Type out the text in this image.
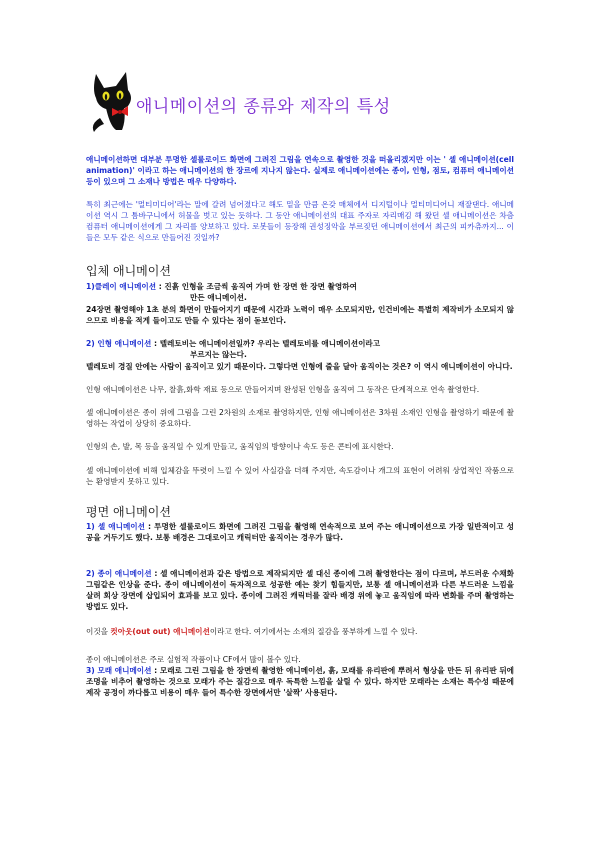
애니메이션의 종류와 제작의 특성

애니메이션하면 대부분 투명한 셀룰로이드 화면에 그려진 그림을 연속으로 촬영한 것을 떠올리겠지만 이는 ' 셀 애니메이션(cell animation)' 이라고 하는 애니메이션의 한 장르에 지나지 않는다. 실제로 애니메이션에는 종이, 인형, 점토, 컴퓨터 애니메이션 등이 있으며 그 소재나 방법은 매우 다양하다.

특히 최근에는 '멀티미디어'라는 말에 갈려 넘어졌다고 해도 밑을 만큼 온갖 매체에서 디지털이나 멀티미디어니 재잘댄다. 애니메이션 역시 그 틈바구니에서 허물을 벗고 있는 듯하다. 그 동안 애니메이션의 대표 주자로 자리매김 해 왔던 셀 애니메이션은 차츰 컴퓨터 애니메이션에게 그 자리를 양보하고 있다. 로봇들이 등장해 권성징악을 부르짖던 애니메이션에서 최근의 피카츄까지... 이들은 모두 같은 식으로 만들어진 것일까?

입체 애니메이션
1)클레이 애니메이션 : 진흙 인형을 조금씩 움직여 가며 한 장면 한 장면 촬영하여
만든 애니메이션.

24장면 촬영해야 1초 분의 화면이 만들어지기 때문에 시간과 노력이 매우 소모되지만, 인건비에는 특별히 제작비가 소모되지 않으므로 비용을 적게 들이고도 만들 수 있다는 점이 돋보인다.

2) 인형 애니메이션 : 텔레토비는 애니메이션일까? 우리는 텔레토비를 애니메이션이라고
부르지는 않는다.

텔레토비 경질 안에는 사람이 움직이고 있기 때문이다. 그렇다면 인형에 줄을 달아 움직이는 것은? 이 역시 애니메이션이 아니다.

인형 애니메이션은 나무, 찰흙,화학 재료 등으로 만들어지며 완성된 인형을 움직여 그 동작은 단계적으로 연속 촬영한다.

셀 애니메이션은 종이 위에 그림을 그린 2차원의 소재로 촬영하지만, 인형 애니메이션은 3차원 소재인 인형을 촬영하기 때문에 촬영하는 작업이 상당히 중요하다.

인형의 손, 발, 목 등을 움직일 수 있게 만들고, 움직임의 방향이나 속도 등은 콘티에 표시한다.

셀 애니메이션에 비해 입체감을 뚜렷이 느낄 수 있어 사실감을 더해 주지만, 속도감이나 개그의 표현이 어려워 상업적인 작품으로는 환영받지 못하고 있다.

평면 애니메이션

1) 셀 애니메이션 : 투명한 셀룰로이드 화면에 그려진 그림을 촬영해 연속적으로 보여 주는 애니메이션으로 가장 일반적이고 성공을 거두기도 했다. 보통 배경은 그대로이고 캐릭터만 움직이는 경우가 많다.

2) 종이 애니메이션 : 셀 애니메이션과 같은 방법으로 제작되지만 셀 대신 종이에 그려 촬영한다는 점이 다르며, 부드러운 수채화 그림같은 인상을 준다. 종이 애니메이션이 독자적으로 성공한 예는 찾기 힘들지만, 보통 셀 애니메이션과 다른 부드러운 느낌을 살려 회상 장면에 삽입되어 효과를 보고 있다. 종이에 그려진 캐릭터를 잘라 배경 위에 놓고 움직임에 따라 변화를 주며 촬영하는 방법도 있다.

이것을 컷아웃(out out) 애니메이션이라고 한다. 여기에서는 소재의 질감을 풍부하게 느낄 수 있다.

종이 애니메이션은 주로 실험적 작품이나 CF에서 많이 볼수 있다.

3) 모래 애니메이션 : 모래로 그린 그림을 한 장면씩 촬영한 애니메이션, 흙, 모래를 유리판에 뿌려서 형상을 만든 뒤 유리판 뒤에 조명을 비추어 촬영하는 것으로 모래가 주는 질감으로 매우 독특한 느낌을 살릴 수 있다. 하지만 모래라는 소재는 특수성 때문에 제작 공정이 까다롭고 비용이 매우 들어 특수한 장면에서만 '살짝' 사용된다.
